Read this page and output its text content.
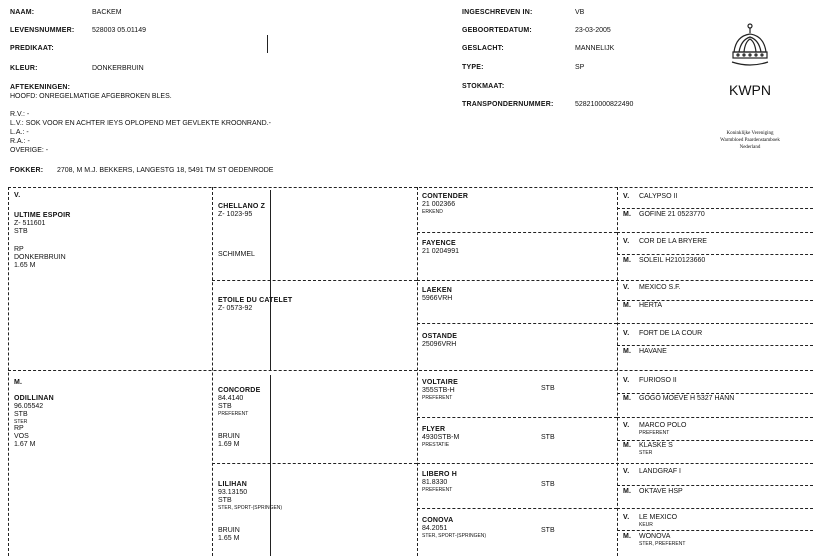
NAAM:	BACKEM
LEVENSNUMMER:	528003 05.01149
PREDIKAAT:
KLEUR:	DONKERBRUIN
INGESCHREVEN IN:	VB
GEBOORTEDATUM:	23-03-2005
GESLACHT:	MANNELIJK
TYPE:	SP
STOKMAAT:
TRANSPONDERNUMMER:	528210000822490
AFTEKENINGEN:
HOOFD: ONREGELMATIGE AFGEBROKEN BLES.
R.V.: -
L.V.: SOK VOOR EN ACHTER IEYS OPLOPEND MET GEVLEKTE KROONRAND.-
L.A.: -
R.A.: -
OVERIGE: -
FOKKER: 2708, M M.J. BEKKERS, LANGESTG 18, 5491 TM ST OEDENRODE
KWPN
Koninklijke Vereniging
Warmbloed Paardenstamboek
Nederland
V.
ULTIME ESPOIR
Z- 511601
STB
RP
DONKERBRUIN
1.65 M
M.
ODILLINAN
96.05542
STB
STER
RP
VOS
1.67 M
CHELLANO Z
Z- 1023-95
SCHIMMEL
ETOILE DU CATELET
Z- 0573-92
CONCORDE
84.4140
STB
PREFERENT
BRUIN
1.69 M
LILIHAN
93.13150
STB
STER, SPORT-(SPRINGEN)
BRUIN
1.65 M
CONTENDER
21 002366
ERKEND
FAYENCE
21 0204991
LAEKEN
5966VRH
OSTANDE
25096VRH
VOLTAIRE
355STB-H
PREFERENT
STB
FLYER
4930STB-M
PRESTATIE
STB
LIBERO H
81.8330
PREFERENT
STB
CONOVA
84.2051
STER, SPORT-(SPRINGEN)
STB
V. CALYPSO II
M. GOFINE 21 0523770
V. COR DE LA BRYERE
M. SOLEIL H210123660
V. MEXICO S.F.
M. HERTA
V. FORT DE LA COUR
M. HAVANE
V. FURIOSO II
M. GOGO MOEVE H 5327 HANN
V. MARCO POLO
PREFERENT
M. KLASKE S
STER
V. LANDGRAF I
M. OKTAVE HSP
V. LE MEXICO
KEUR
M. WONOVA
STER, PREFERENT
